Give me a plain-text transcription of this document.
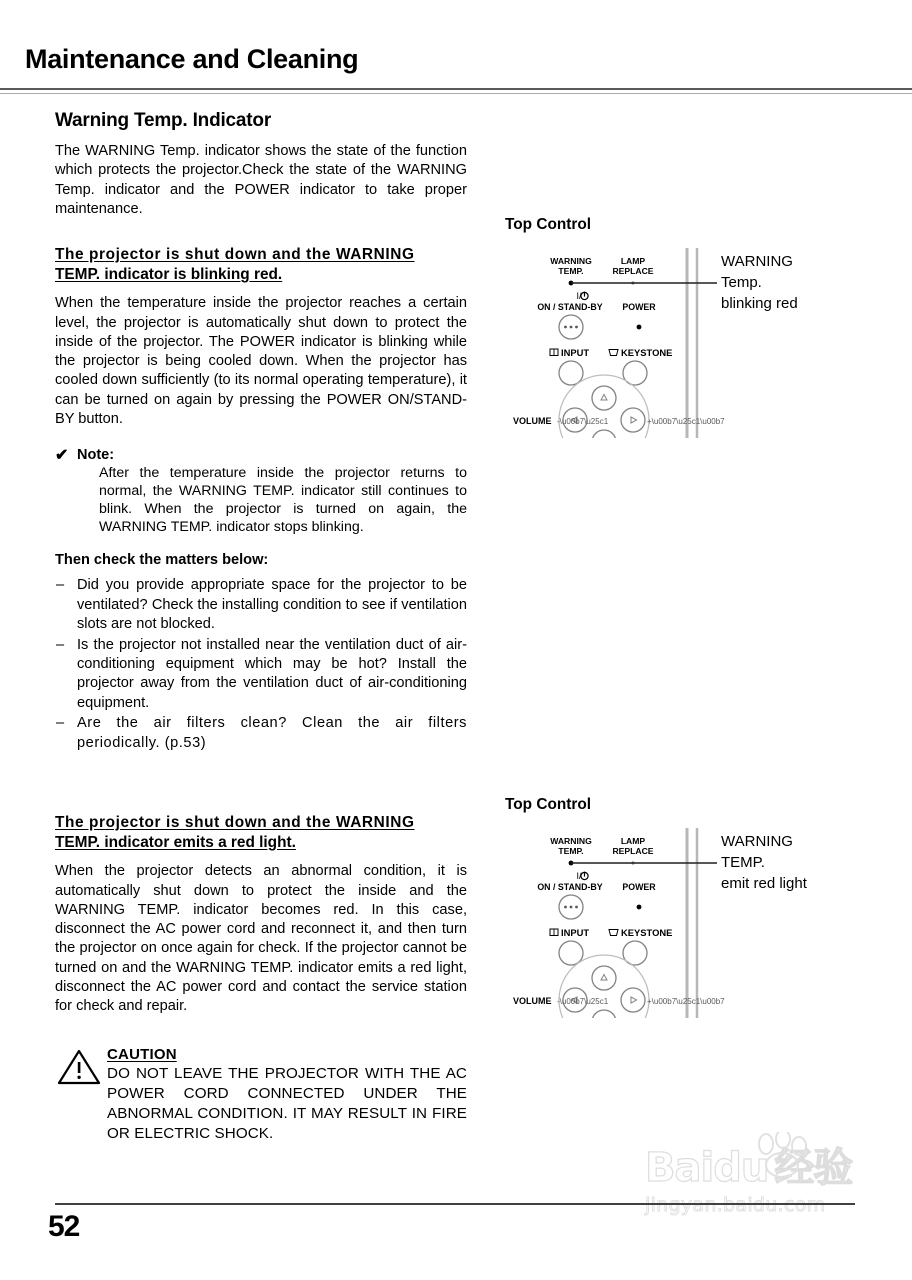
Maintenance and Cleaning
Warning Temp. Indicator

The WARNING Temp. indicator shows the state of the function which protects the projector.Check the state of the WARNING Temp. indicator and the POWER indicator to take proper maintenance.

The projector is shut down and the WARNING
TEMP. indicator is blinking red.

When the temperature inside the projector reaches a certain level, the projector is automatically shut down to protect the inside of the projector. The POWER indicator is blinking while the projector is being cooled down. When the projector has cooled down sufficiently (to its normal operating temperature), it can be turned on again by pressing the POWER ON/STAND-BY button.

✔ Note:
After the temperature inside the projector returns to normal, the WARNING TEMP. indicator still continues to blink. When the projector is turned on again, the WARNING TEMP. indicator stops blinking.
Then check the matters below:
– Did you provide appropriate space for the projector to be ventilated? Check the installing condition to see if ventilation slots are not blocked.
– Is the projector not installed near the ventilation duct of air-conditioning equipment which may be hot? Install the projector away from the ventilation duct of air-conditioning equipment.
– Are the air filters clean? Clean the air filters periodically. (p.53)
The projector is shut down and the WARNING
TEMP. indicator emits a red light.

When the projector detects an abnormal condition, it is automatically shut down to protect the inside and the WARNING TEMP. indicator becomes red. In this case, disconnect the AC power cord and reconnect it, and then turn the projector on once again for check. If the projector cannot be turned on and the WARNING TEMP. indicator emits a red light, disconnect the AC power cord and contact the service station for check and repair.

CAUTION
DO NOT LEAVE THE PROJECTOR WITH THE AC POWER CORD CONNECTED UNDER THE ABNORMAL CONDITION. IT MAY RESULT IN FIRE OR ELECTRIC SHOCK.
Top Control
WARNING
TEMP.
LAMP
REPLACE
I/
ON / STAND-BY POWER
INPUT	KEYSTONE
VOLUME -\u00b7\u25c1	+\u00b7\u25c1\u00b7
WARNING
Temp.
blinking red
Top Control
WARNING
TEMP.
LAMP
REPLACE
I/
ON / STAND-BY POWER
INPUT	KEYSTONE
VOLUME -\u00b7\u25c1	+\u00b7\u25c1\u00b7
WARNING
TEMP.
emit red light
Baidu 经验
jingyan.baidu.com
52
